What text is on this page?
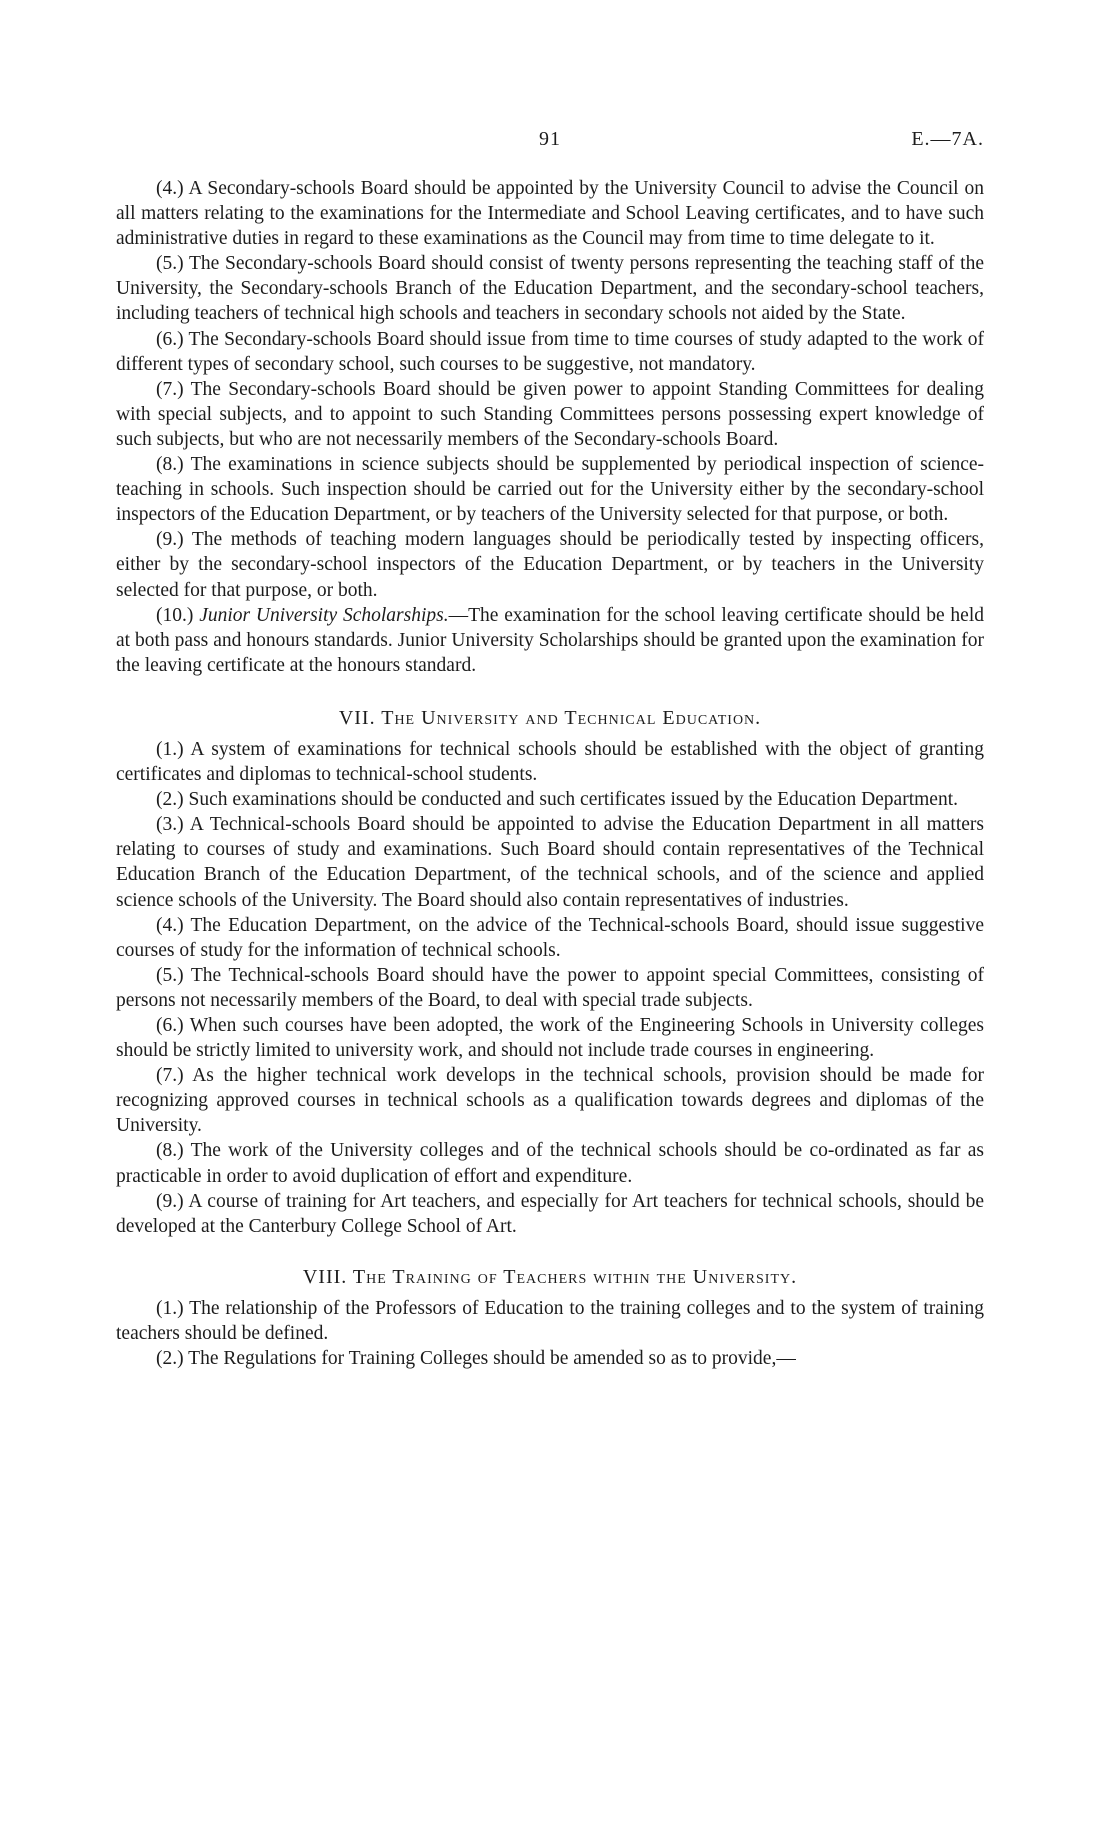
91	E.—7A.

(4.) A Secondary-schools Board should be appointed by the University Council to advise the Council on all matters relating to the examinations for the Intermediate and School Leaving certificates, and to have such administrative duties in regard to these examinations as the Council may from time to time delegate to it.

(5.) The Secondary-schools Board should consist of twenty persons representing the teaching staff of the University, the Secondary-schools Branch of the Education Department, and the secondary-school teachers, including teachers of technical high schools and teachers in secondary schools not aided by the State.

(6.) The Secondary-schools Board should issue from time to time courses of study adapted to the work of different types of secondary school, such courses to be suggestive, not mandatory.

(7.) The Secondary-schools Board should be given power to appoint Standing Committees for dealing with special subjects, and to appoint to such Standing Committees persons possessing expert knowledge of such subjects, but who are not necessarily members of the Secondary-schools Board.

(8.) The examinations in science subjects should be supplemented by periodical inspection of science-teaching in schools. Such inspection should be carried out for the University either by the secondary-school inspectors of the Education Department, or by teachers of the University selected for that purpose, or both.

(9.) The methods of teaching modern languages should be periodically tested by inspecting officers, either by the secondary-school inspectors of the Education Department, or by teachers in the University selected for that purpose, or both.

(10.) Junior University Scholarships.—The examination for the school leaving certificate should be held at both pass and honours standards. Junior University Scholarships should be granted upon the examination for the leaving certificate at the honours standard.

VII. The University and Technical Education.

(1.) A system of examinations for technical schools should be established with the object of granting certificates and diplomas to technical-school students.

(2.) Such examinations should be conducted and such certificates issued by the Education Department.

(3.) A Technical-schools Board should be appointed to advise the Education Department in all matters relating to courses of study and examinations. Such Board should contain representatives of the Technical Education Branch of the Education Department, of the technical schools, and of the science and applied science schools of the University. The Board should also contain representatives of industries.

(4.) The Education Department, on the advice of the Technical-schools Board, should issue suggestive courses of study for the information of technical schools.

(5.) The Technical-schools Board should have the power to appoint special Committees, consisting of persons not necessarily members of the Board, to deal with special trade subjects.

(6.) When such courses have been adopted, the work of the Engineering Schools in University colleges should be strictly limited to university work, and should not include trade courses in engineering.

(7.) As the higher technical work develops in the technical schools, provision should be made for recognizing approved courses in technical schools as a qualification towards degrees and diplomas of the University.

(8.) The work of the University colleges and of the technical schools should be co-ordinated as far as practicable in order to avoid duplication of effort and expenditure.

(9.) A course of training for Art teachers, and especially for Art teachers for technical schools, should be developed at the Canterbury College School of Art.

VIII. The Training of Teachers within the University.

(1.) The relationship of the Professors of Education to the training colleges and to the system of training teachers should be defined.

(2.) The Regulations for Training Colleges should be amended so as to provide,—
